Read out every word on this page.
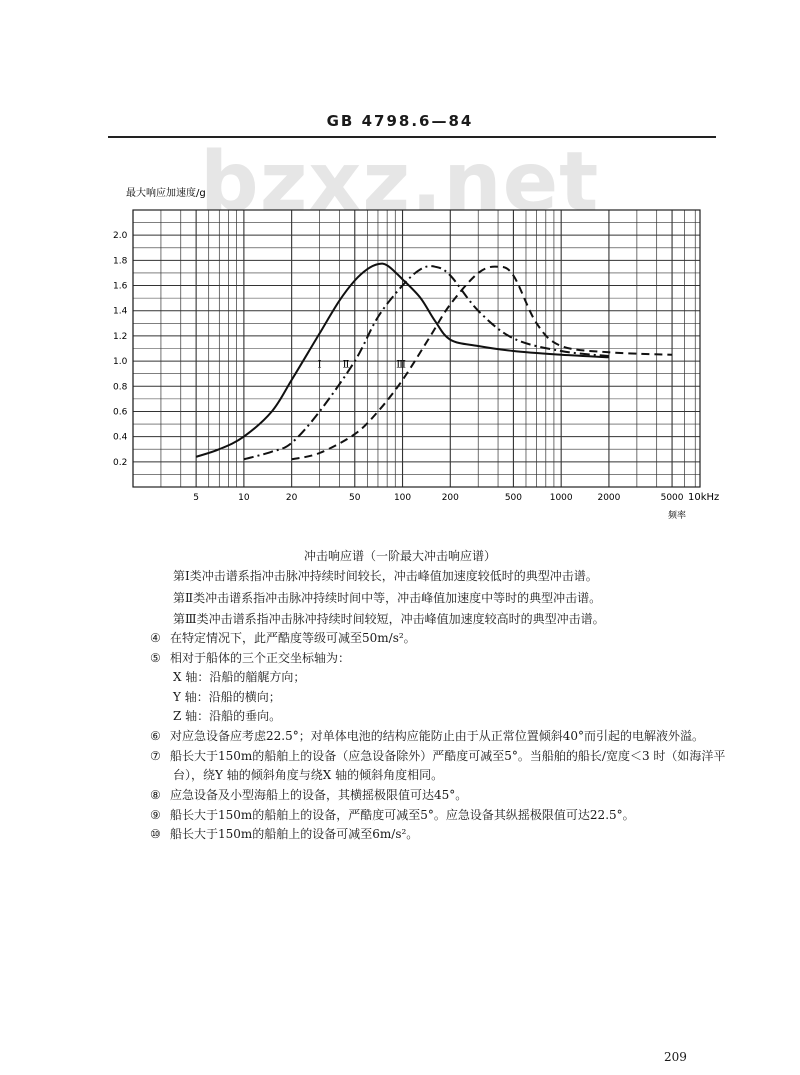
GB 4798.6—84
bzxz.net
最大响应加速度/g
10kHz
频率
0.2
0.4
0.6
0.8
1.0
1.2
1.4
1.6
1.8
2.0
5	10	20	50	100	200	500	1000	2000	5000
Ⅰ Ⅱ	Ⅲ
冲击响应谱（一阶最大冲击响应谱）
第Ⅰ类冲击谱系指冲击脉冲持续时间较长，冲击峰值加速度较低时的典型冲击谱。
第Ⅱ类冲击谱系指冲击脉冲持续时间中等，冲击峰值加速度中等时的典型冲击谱。
第Ⅲ类冲击谱系指冲击脉冲持续时间较短，冲击峰值加速度较高时的典型冲击谱。
④ 在特定情况下，此严酷度等级可减至50m/s²。
⑤ 相对于船体的三个正交坐标轴为：
X 轴：沿船的艏艉方向；
Y 轴：沿船的横向；
Z 轴：沿船的垂向。
⑥ 对应急设备应考虑22.5°；对单体电池的结构应能防止由于从正常位置倾斜40°而引起的电解液外溢。
⑦ 船长大于150m的船舶上的设备（应急设备除外）严酷度可减至5°。当船舶的船长/宽度＜3 时（如海洋平
台），绕Y 轴的倾斜角度与绕X 轴的倾斜角度相同。
⑧ 应急设备及小型海船上的设备，其横摇极限值可达45°。
⑨ 船长大于150m的船舶上的设备，严酷度可减至5°。应急设备其纵摇极限值可达22.5°。
⑩ 船长大于150m的船舶上的设备可减至6m/s²。
209
